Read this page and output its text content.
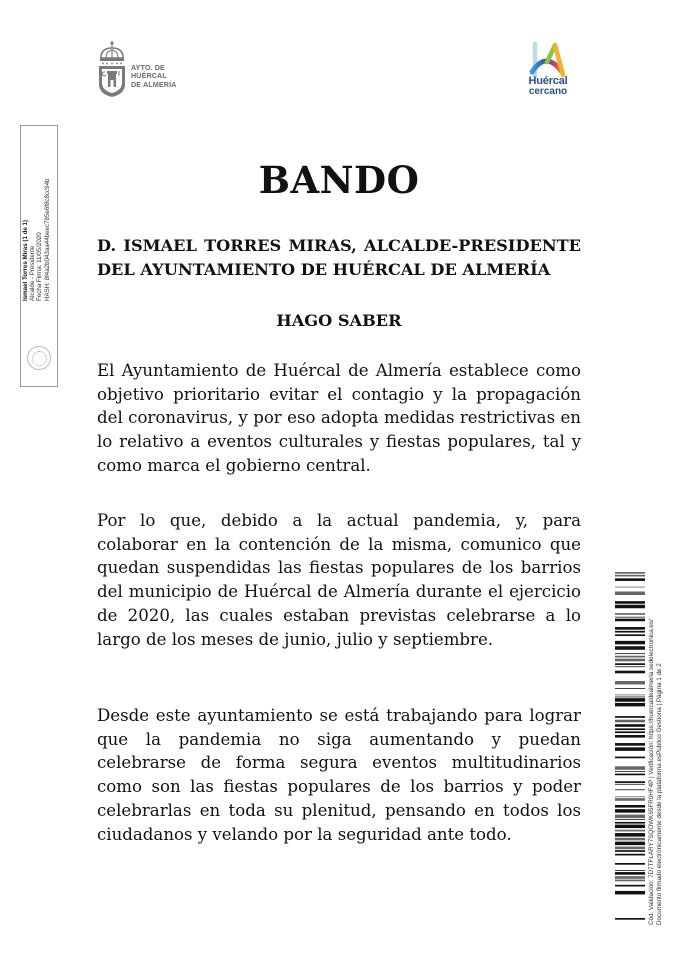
AYTO. DE
HUÉRCAL
DE ALMERÍA	Huércal
cercano
Ismael Torres Miras (1 de 1) Alcalde - Presidente Fecha Firma: 11/05/2020 HASH: 8f4a2b043aa44beec785e6f8c8cc94b
Cód. Validación: 7D7TFLARY7SQOWK65FR0HF4P | Verificación: https://huercaldealmeria.sedelectronica.es/ Documento firmado electrónicamente desde la plataforma esPublico Gestiona | Página 1 de 2
BANDO
D. ISMAEL TORRES MIRAS, ALCALDE-PRESIDENTE
DEL AYUNTAMIENTO DE HUÉRCAL DE ALMERÍA
HAGO SABER

El Ayuntamiento de Huércal de Almería establece como objetivo prioritario evitar el contagio y la propagación del coronavirus, y por eso adopta medidas restrictivas en lo relativo a eventos culturales y fiestas populares, tal y como marca el gobierno central.

Por lo que, debido a la actual pandemia, y, para colaborar en la contención de la misma, comunico que quedan suspendidas las fiestas populares de los barrios del municipio de Huércal de Almería durante el ejercicio de 2020, las cuales estaban previstas celebrarse a lo largo de los meses de junio, julio y septiembre.

Desde este ayuntamiento se está trabajando para lograr que la pandemia no siga aumentando y puedan celebrarse de forma segura eventos multitudinarios como son las fiestas populares de los barrios y poder celebrarlas en toda su plenitud, pensando en todos los ciudadanos y velando por la seguridad ante todo.
